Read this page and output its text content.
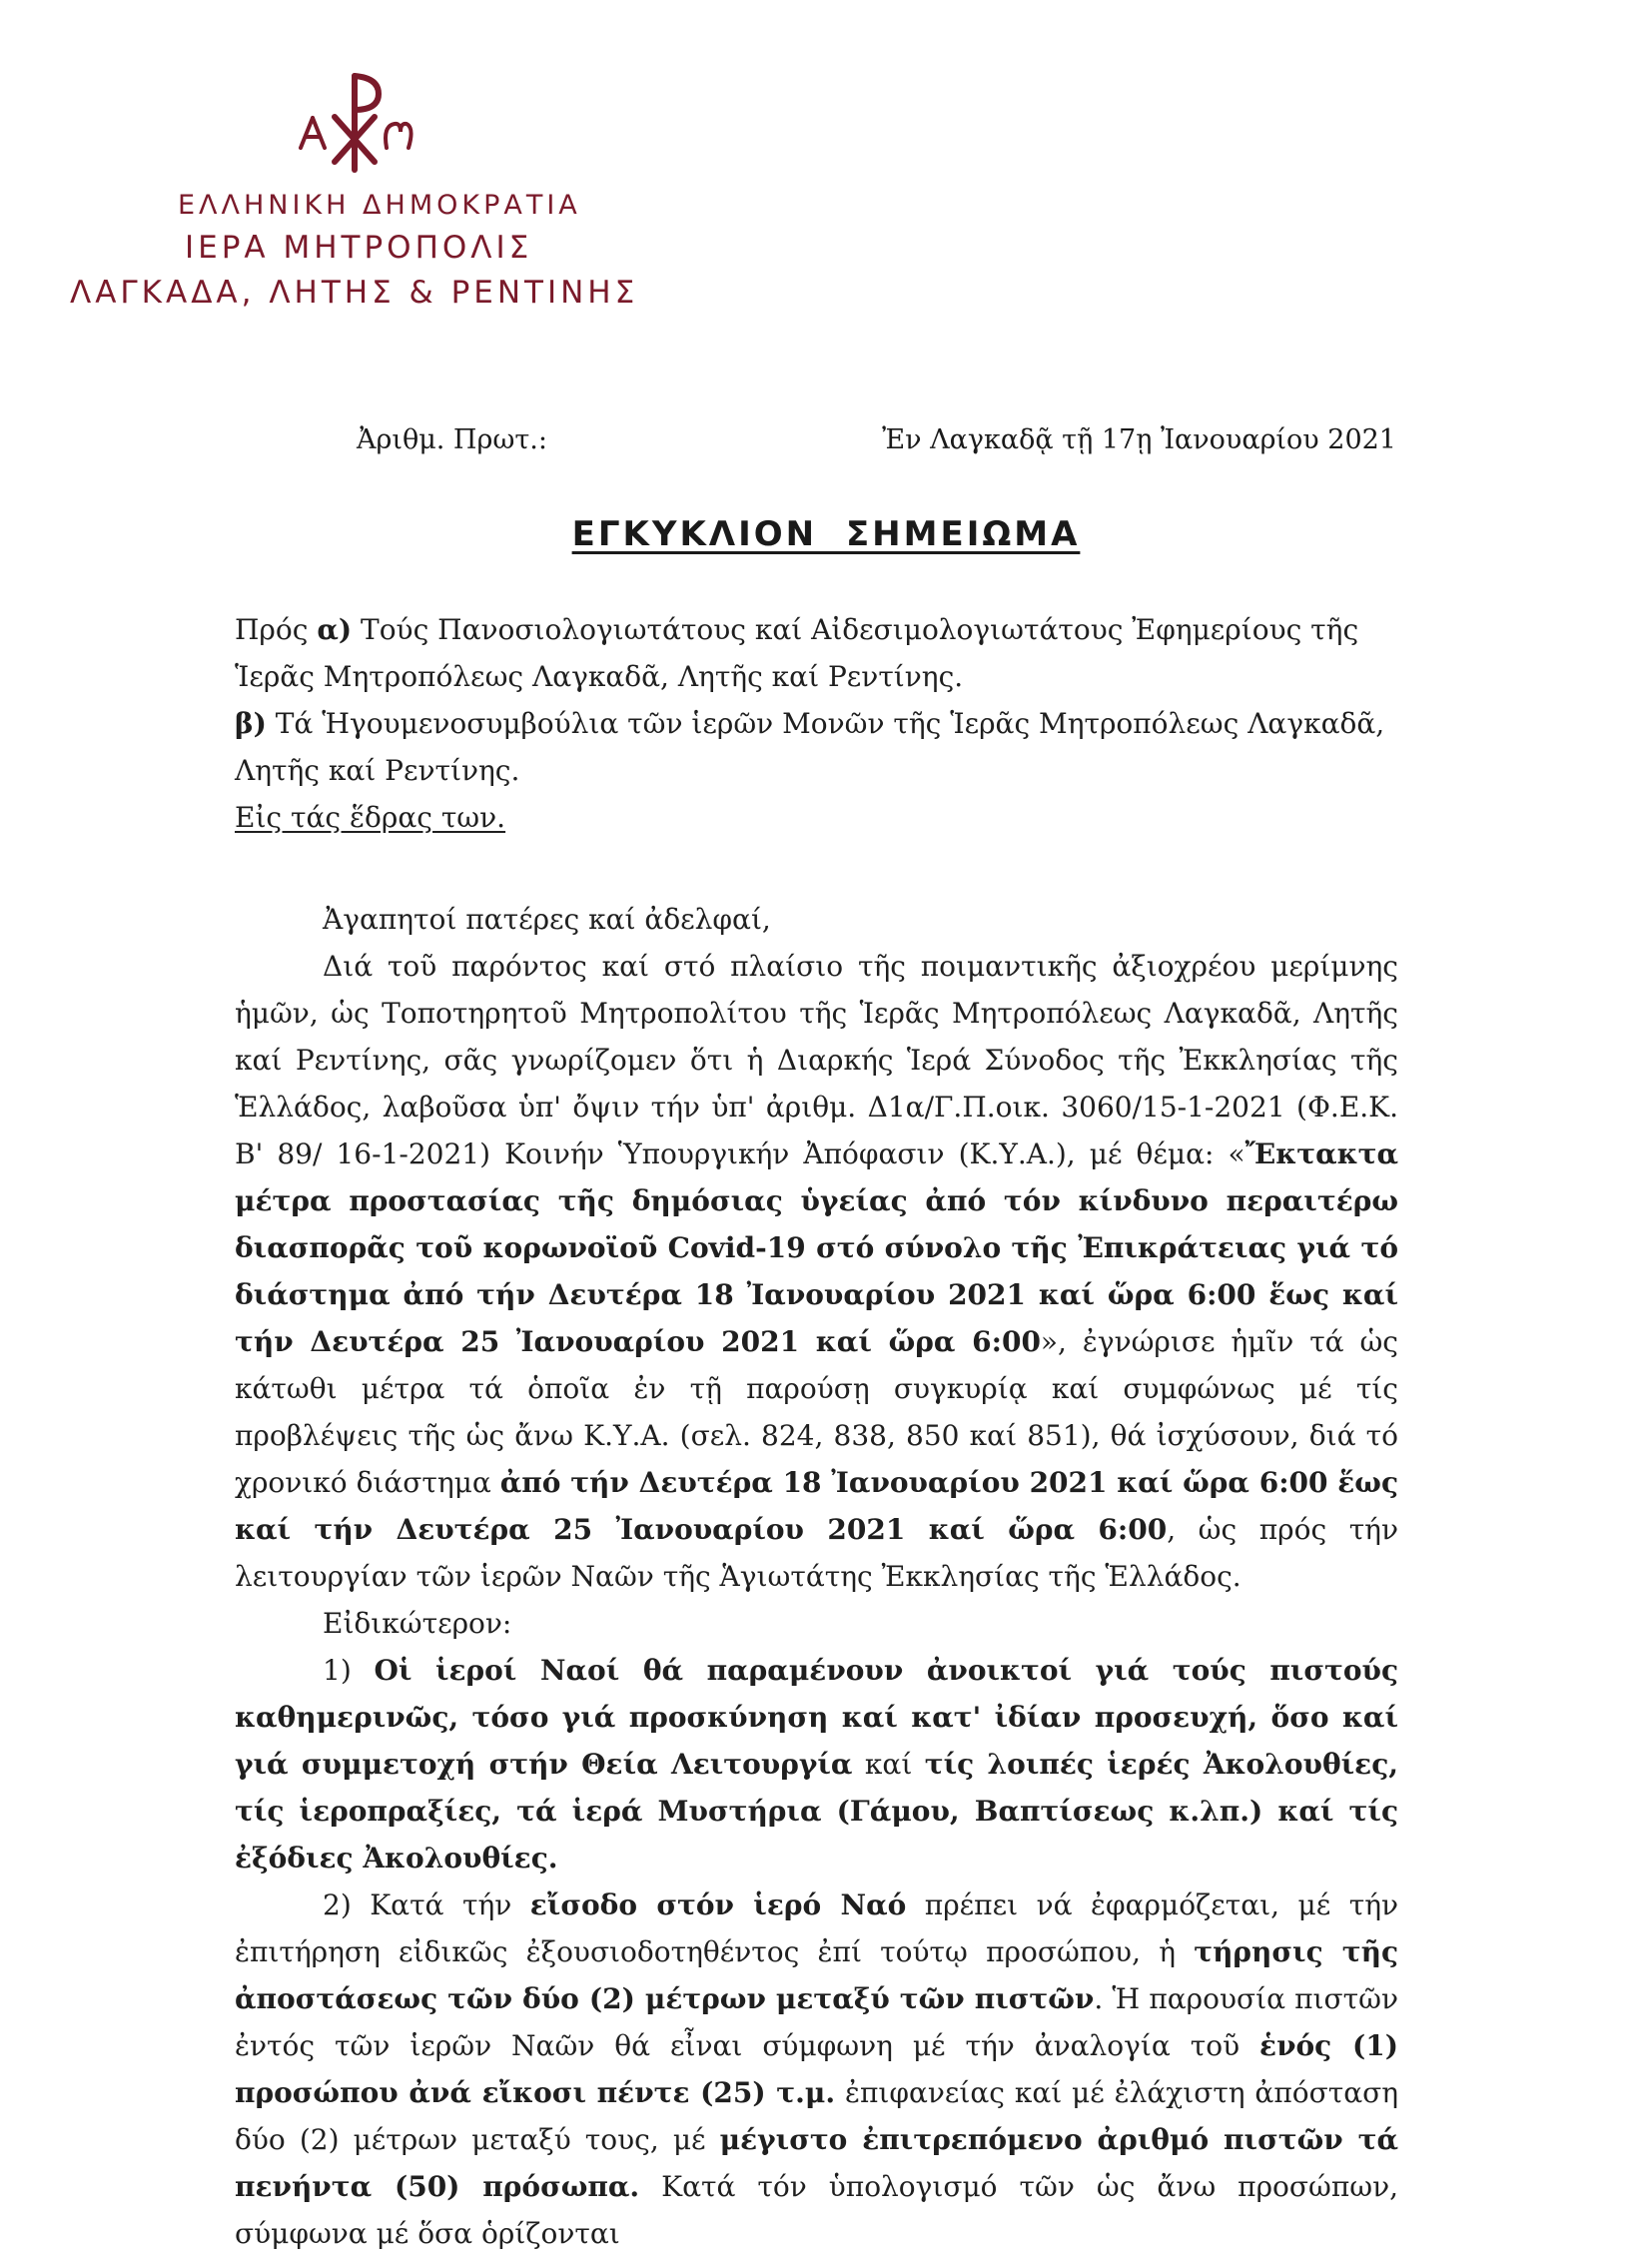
ΕΛΛΗΝΙΚΗ ΔΗΜΟΚΡΑΤΙΑ
ΙΕΡΑ ΜΗΤΡΟΠΟΛΙΣ
ΛΑΓΚΑΔΑ, ΛΗΤΗΣ & ΡΕΝΤΙΝΗΣ
Ἀριθμ. Πρωτ.:	Ἐν Λαγκαδᾷ τῇ 17ῃ Ἰανουαρίου 2021
ΕΓΚΥΚΛΙΟΝ ΣΗΜΕΙΩΜΑ

Πρός α) Τούς Πανοσιολογιωτάτους καί Αἰδεσιμολογιωτάτους Ἐφημερίους τῆς Ἱερᾶς Μητροπόλεως Λαγκαδᾶ, Λητῆς καί Ρεντίνης.

β) Τά Ἡγουμενοσυμβούλια τῶν ἱερῶν Μονῶν τῆς Ἱερᾶς Μητροπόλεως Λαγκαδᾶ, Λητῆς καί Ρεντίνης.

Εἰς τάς ἕδρας των.

Ἀγαπητοί πατέρες καί ἀδελφαί,

Διά τοῦ παρόντος καί στό πλαίσιο τῆς ποιμαντικῆς ἀξιοχρέου μερίμνης ἡμῶν, ὡς Τοποτηρητοῦ Μητροπολίτου τῆς Ἱερᾶς Μητροπόλεως Λαγκαδᾶ, Λητῆς καί Ρεντίνης, σᾶς γνωρίζομεν ὅτι ἡ Διαρκής Ἱερά Σύνοδος τῆς Ἐκκλησίας τῆς Ἑλλάδος, λαβοῦσα ὑπ' ὄψιν τήν ὑπ' ἀριθμ. Δ1α/Γ.Π.οικ. 3060/15-1-2021 (Φ.Ε.Κ. Β' 89/ 16-1-2021) Κοινήν Ὑπουργικήν Ἀπόφασιν (Κ.Υ.Α.), μέ θέμα: «Ἔκτακτα μέτρα προστασίας τῆς δημόσιας ὑγείας ἀπό τόν κίνδυνο περαιτέρω διασπορᾶς τοῦ κορωνοϊοῦ Covid-19 στό σύνολο τῆς Ἐπικράτειας γιά τό διάστημα ἀπό τήν Δευτέρα 18 Ἰανουαρίου 2021 καί ὥρα 6:00 ἕως καί τήν Δευτέρα 25 Ἰανουαρίου 2021 καί ὥρα 6:00», ἐγνώρισε ἡμῖν τά ὡς κάτωθι μέτρα τά ὁποῖα ἐν τῇ παρούσῃ συγκυρίᾳ καί συμφώνως μέ τίς προβλέψεις τῆς ὡς ἄνω Κ.Υ.Α. (σελ. 824, 838, 850 καί 851), θά ἰσχύσουν, διά τό χρονικό διάστημα ἀπό τήν Δευτέρα 18 Ἰανουαρίου 2021 καί ὥρα 6:00 ἕως καί τήν Δευτέρα 25 Ἰανουαρίου 2021 καί ὥρα 6:00, ὡς πρός τήν λειτουργίαν τῶν ἱερῶν Ναῶν τῆς Ἁγιωτάτης Ἐκκλησίας τῆς Ἑλλάδος.

Εἰδικώτερον:

1) Οἱ ἱεροί Ναοί θά παραμένουν ἀνοικτοί γιά τούς πιστούς καθημερινῶς, τόσο γιά προσκύνηση καί κατ' ἰδίαν προσευχή, ὅσο καί γιά συμμετοχή στήν Θεία Λειτουργία καί τίς λοιπές ἱερές Ἀκολουθίες, τίς ἱεροπραξίες, τά ἱερά Μυστήρια (Γάμου, Βαπτίσεως κ.λπ.) καί τίς ἐξόδιες Ἀκολουθίες.

2) Κατά τήν εἴσοδο στόν ἱερό Ναό πρέπει νά ἐφαρμόζεται, μέ τήν ἐπιτήρηση εἰδικῶς ἐξουσιοδοτηθέντος ἐπί τούτῳ προσώπου, ἡ τήρησις τῆς ἀποστάσεως τῶν δύο (2) μέτρων μεταξύ τῶν πιστῶν. Ἡ παρουσία πιστῶν ἐντός τῶν ἱερῶν Ναῶν θά εἶναι σύμφωνη μέ τήν ἀναλογία τοῦ ἑνός (1) προσώπου ἀνά εἴκοσι πέντε (25) τ.μ. ἐπιφανείας καί μέ ἐλάχιστη ἀπόσταση δύο (2) μέτρων μεταξύ τους, μέ μέγιστο ἐπιτρεπόμενο ἀριθμό πιστῶν τά πενήντα (50) πρόσωπα. Κατά τόν ὑπολογισμό τῶν ὡς ἄνω προσώπων, σύμφωνα μέ ὅσα ὁρίζονται
